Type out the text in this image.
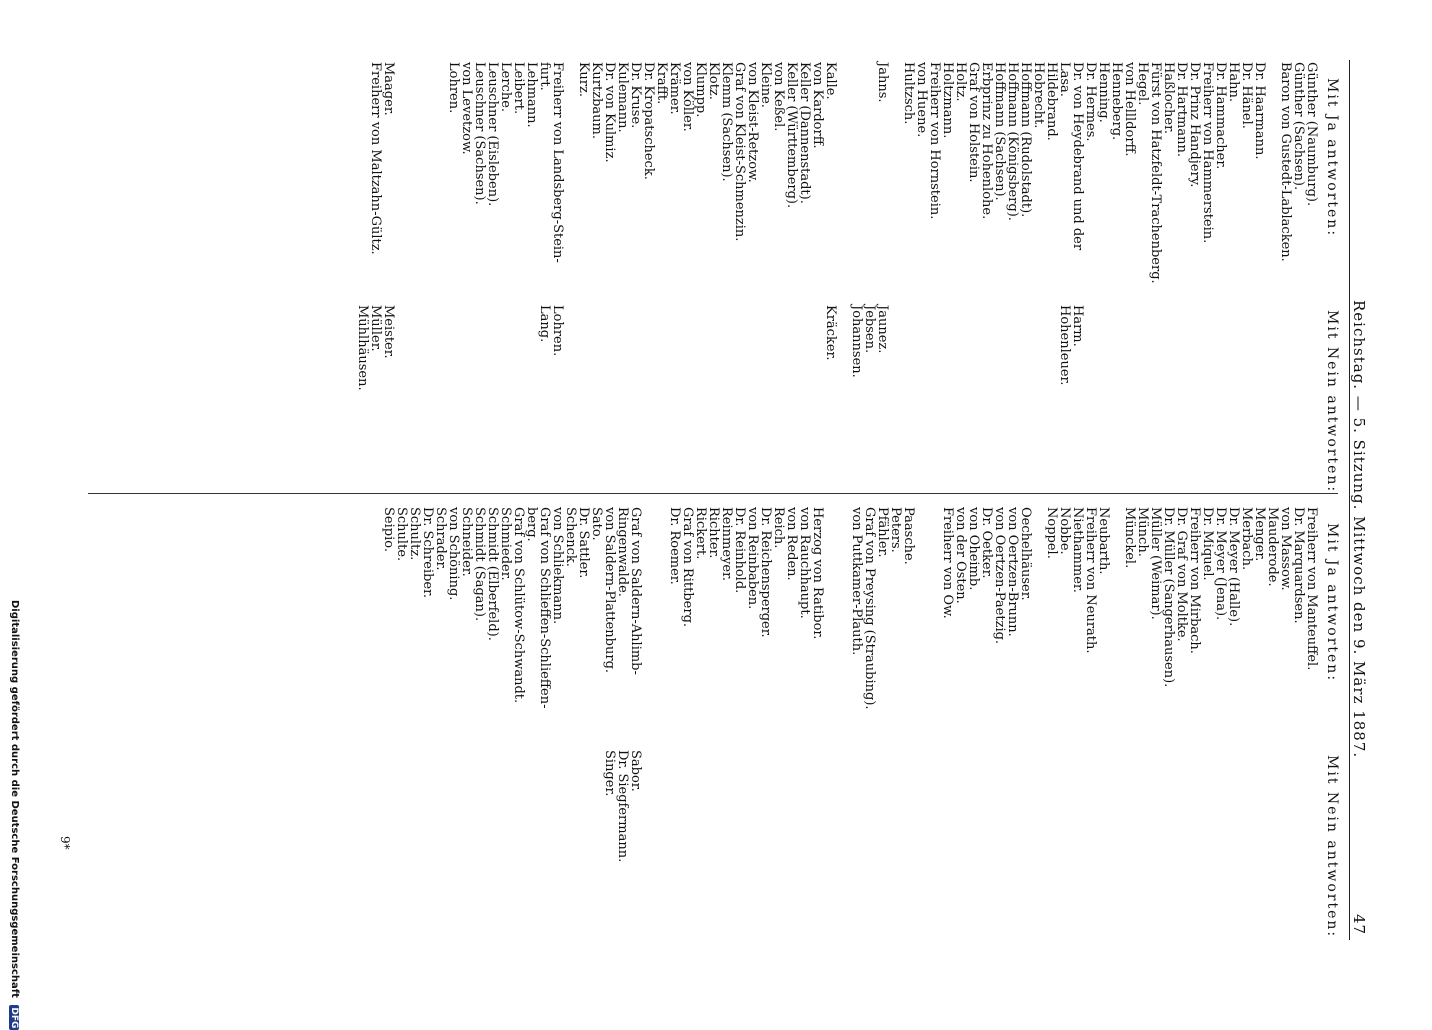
47
Reichstag. — 5. Sitzung. Mittwoch den 9. März 1887.
Mit Ja antworten:
Mit Nein antworten:
Günther (Naumburg).
Günther (Sachsen).
Baron von Gustedt-Lablacken.
Dr. Haarmann.
Dr. Hänel.
Hahn.
Dr. Hammacher.
Freiherr von Hammerstein.
Dr. Prinz Handjery.
Dr. Hartmann.
Haßlocher.
Fürst von Hatzfeldt-Trachenberg.
Hegel.
von Hellldorff.
Henneberg.
Henning.
Dr. Hermes.
Dr. von Heydebrand und der
Lasa.
Hildebrand.
Hobrecht.
Hoffmann (Rudolstadt).
Hoffmann (Königsberg).
Hoffmann (Sachsen).
Erbprinz zu Hohenlohe.
Graf von Holstein.
Holtz.
Holtzmann.
Freiherr von Hornstein.
von Huene.
Hultzsch.
Jahns.
Kalle.
von Kardorff.
Keller (Dannenstadt).
Keller (Württemberg).
von Keßel.
Kleine.
von Kleist-Retzow.
Graf von Kleist-Schmenzin.
Klemm (Sachsen).
Klotz.
Klumpp.
von Köller.
Krämer.
Krafft.
Dr. Kropatscheck.
Dr. Kruse.
Kulemann.
Dr. von Kulmiz.
Kurtzbaum.
Kurz.
Freiherr von Landsberg-Stein-
furt.
Lehmann.
Leibert.
Lerche.
Leuschner (Eisleben).
Leuschner (Sachsen).
von Levetzow.
Lohren.
Maager.
Freiherr von Maltzahn-Gültz.
Harm.
Hohenleuer.
Jaunez.
Jebsen.
Johannsen.
Kräcker.
Lohren.
Lang.
Meister.
Müller.
Mühlhäusen.
Mit Ja antworten:
Mit Nein antworten:
Freiherr von Manteuffel.
Dr. Marquardsen.
von Massow.
Mauderode.
Menger.
Merbach.
Dr. Meyer (Halle).
Dr. Meyer (Jena).
Dr. Miquel.
Freiherr von Mirbach.
Dr. Graf von Moltke.
Dr. Müller (Sangerhausen).
Müller (Weimar).
Münch.
Münckel.
Neubarth.
Freiherr von Neurath.
Niethammer.
Nobbe.
Noppel.
Oechelhäuser.
von Oertzen-Brunn.
von Oertzen-Paetzig.
Dr. Oetker.
von Oheimb.
von der Osten.
Freiherr von Ow.
Paasche.
Peters.
Pfähler.
Graf von Preysing (Straubing).
von Puttkamer-Plauth.
Herzog von Ratibor.
von Rauchhaupt.
von Reden.
Reich.
Dr. Reichensperger.
von Reinbaben.
Dr. Reinhold.
Reinmeyer.
Richter.
Rickert.
Graf von Rittberg.
Dr. Roemer.
Graf von Saldern-Ahlimb-
Ringenwalde.
von Saldern-Plattenburg.
Sato.
Dr. Sattler.
Schenck.
von Schliekmann.
Graf von Schlieffen-Schlieffen-
berg.
Graf von Schlütow-Schwandt.
Schmieder.
Schmidt (Elberfeld).
Schmidt (Sagan).
Schneider.
von Schöning.
Schrader.
Dr. Schreiber.
Schultz.
Schulte.
Seipio.
Sabor.
Dr. Siegfermann.
Singer.
9*
Digitalisierung gefördert durch die Deutsche Forschungsgemeinschaft DFG
